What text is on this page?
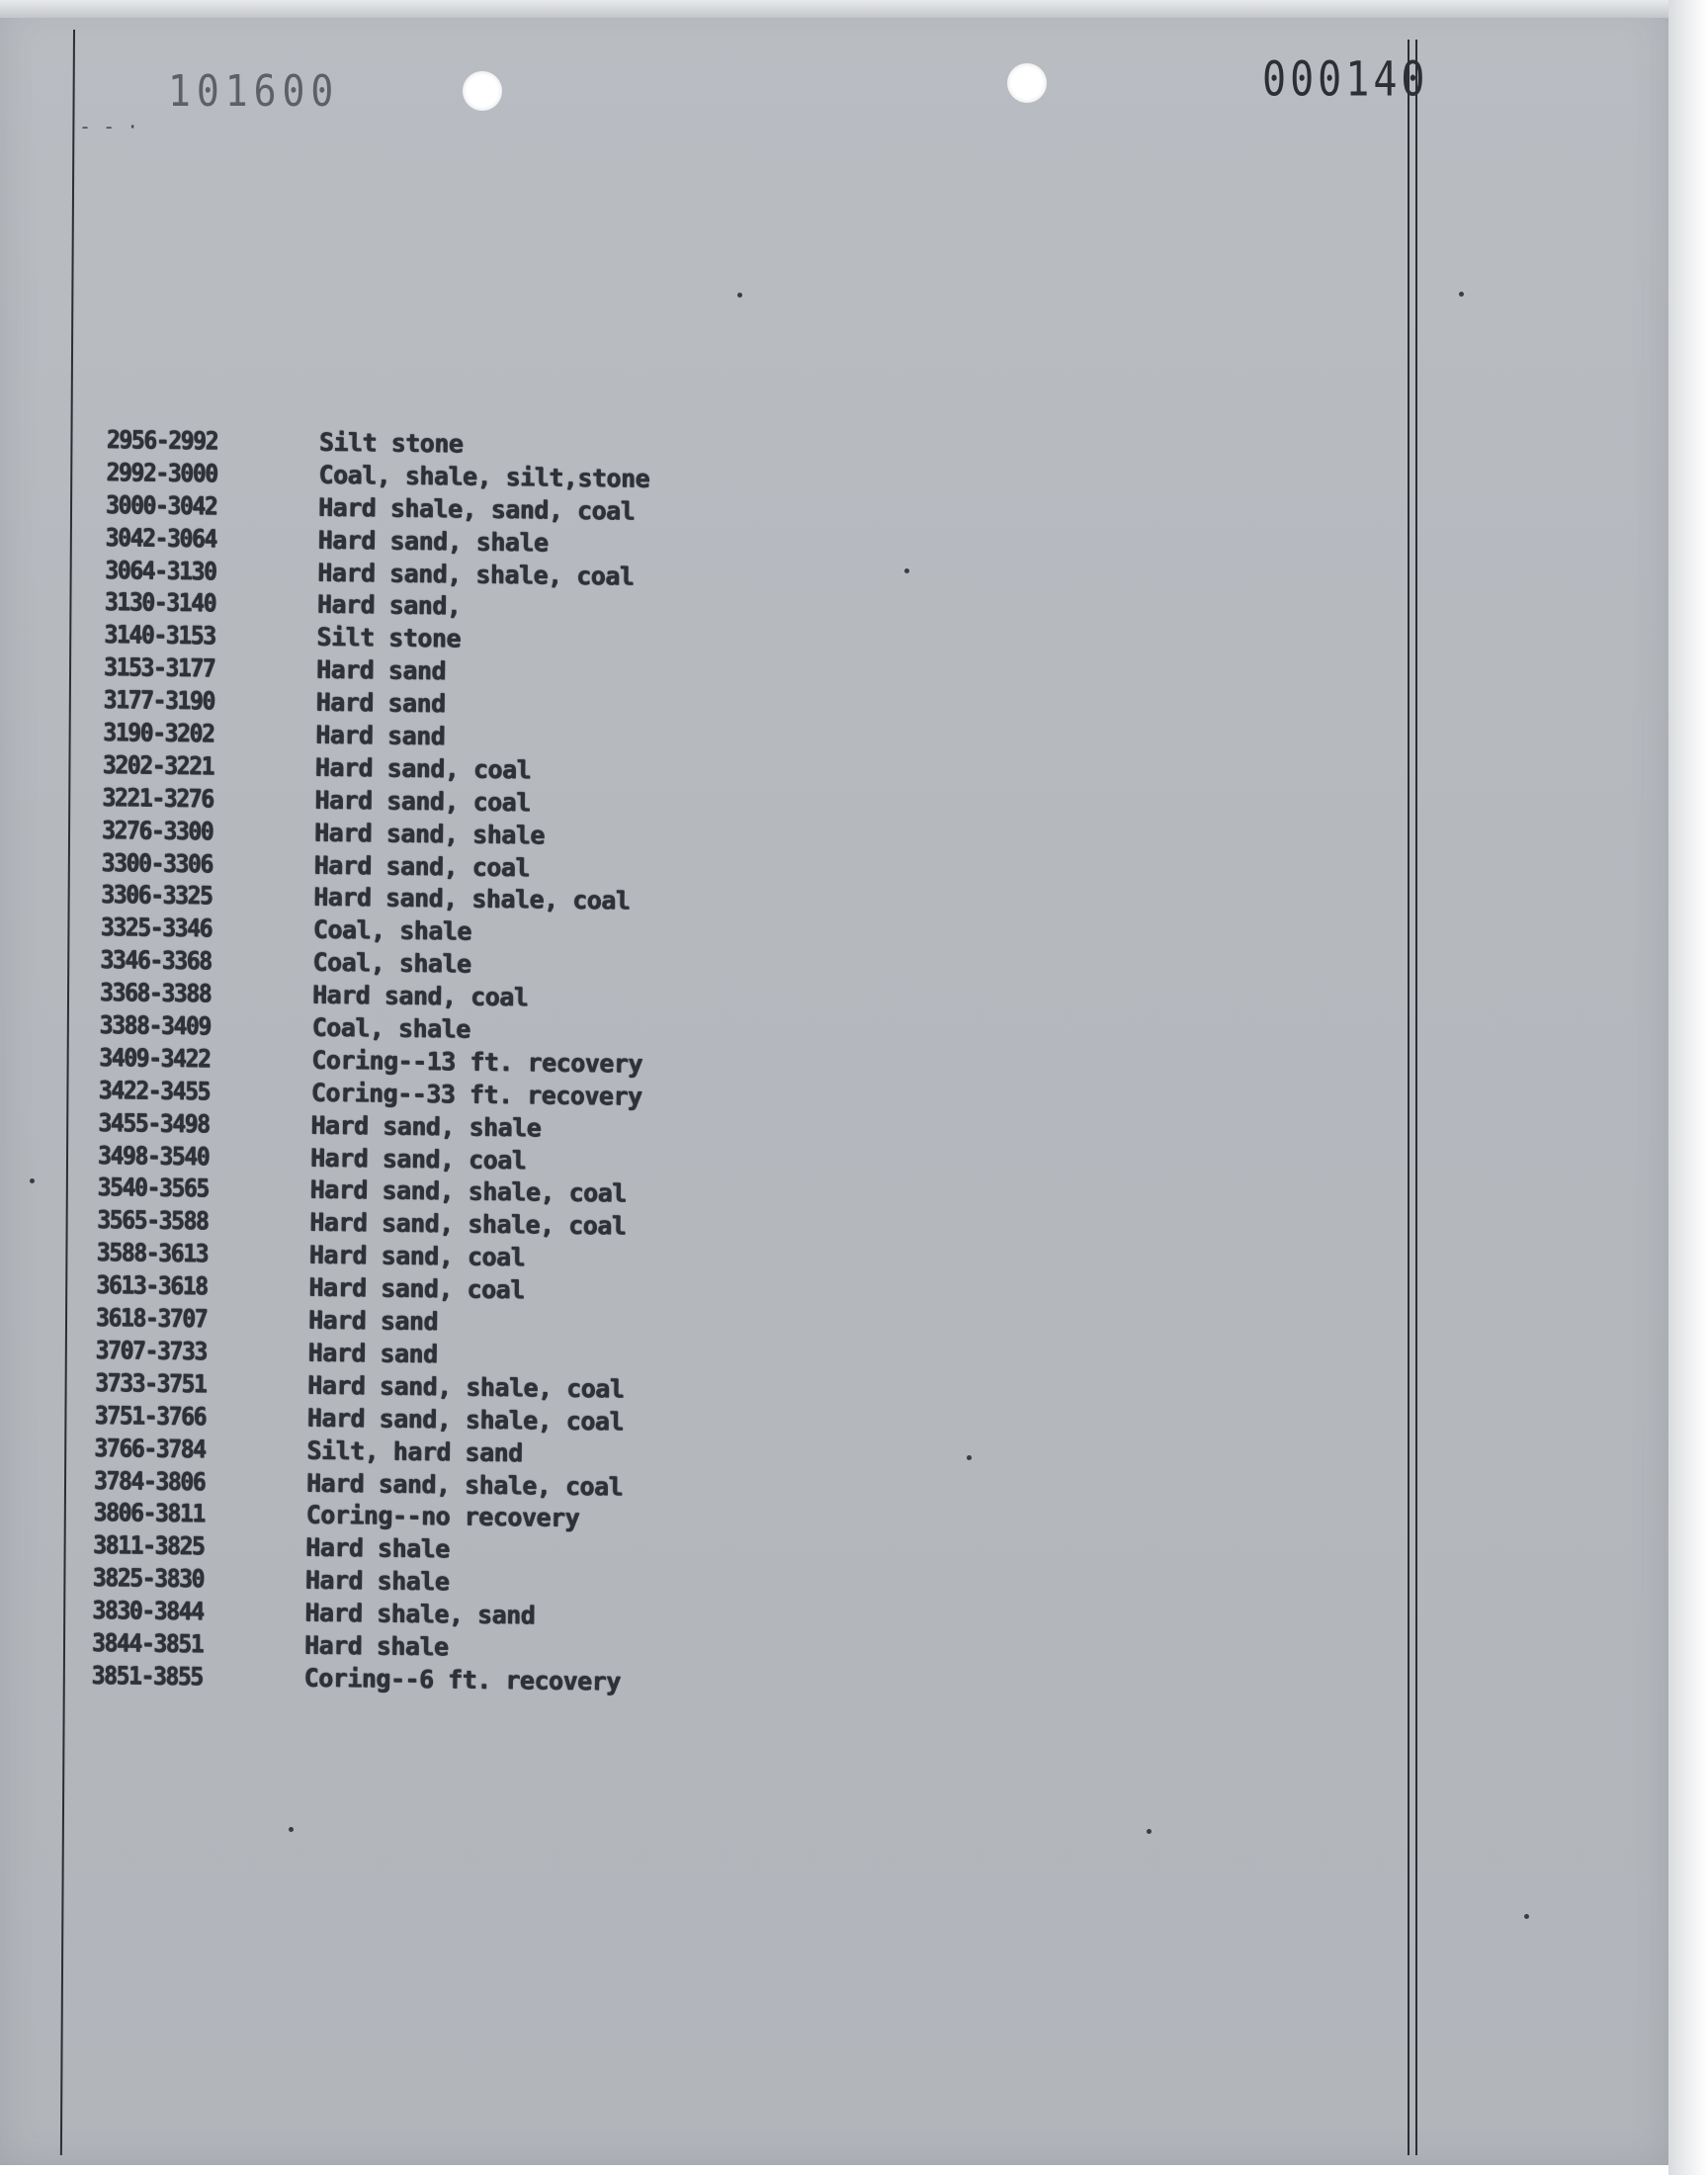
101600	000140
- - ·
2956-2992	Silt stone
2992-3000	Coal, shale, silt,stone
3000-3042	Hard shale, sand, coal
3042-3064	Hard sand, shale
3064-3130	Hard sand, shale, coal
3130-3140	Hard sand,
3140-3153	Silt stone
3153-3177	Hard sand
3177-3190	Hard sand
3190-3202	Hard sand
3202-3221	Hard sand, coal
3221-3276	Hard sand, coal
3276-3300	Hard sand, shale
3300-3306	Hard sand, coal
3306-3325	Hard sand, shale, coal
3325-3346	Coal, shale
3346-3368	Coal, shale
3368-3388	Hard sand, coal
3388-3409	Coal, shale
3409-3422	Coring--13 ft. recovery
3422-3455	Coring--33 ft. recovery
3455-3498	Hard sand, shale
3498-3540	Hard sand, coal
3540-3565	Hard sand, shale, coal
3565-3588	Hard sand, shale, coal
3588-3613	Hard sand, coal
3613-3618	Hard sand, coal
3618-3707	Hard sand
3707-3733	Hard sand
3733-3751	Hard sand, shale, coal
3751-3766	Hard sand, shale, coal
3766-3784	Silt, hard sand
3784-3806	Hard sand, shale, coal
3806-3811	Coring--no recovery
3811-3825	Hard shale
3825-3830	Hard shale
3830-3844	Hard shale, sand
3844-3851	Hard shale
3851-3855	Coring--6 ft. recovery
